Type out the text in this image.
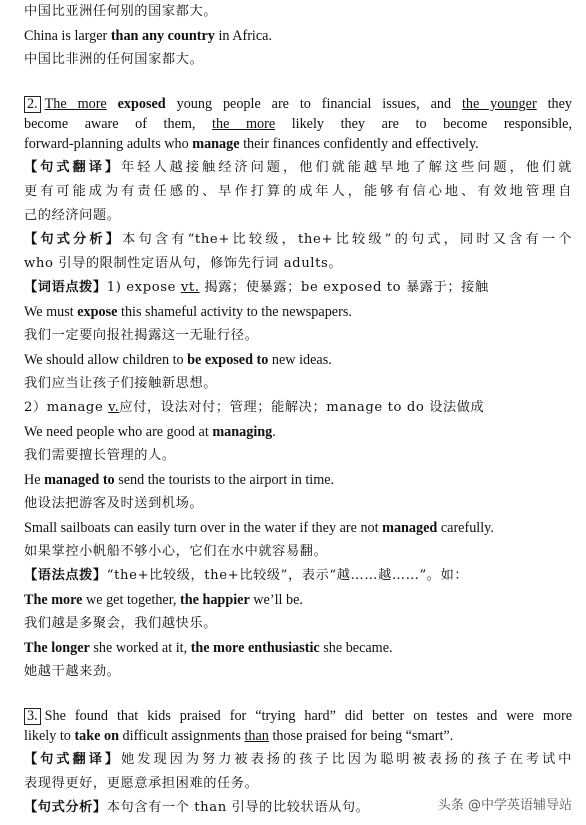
中国比亚洲任何别的国家都大。
China is larger than any country in Africa.
中国比非洲的任何国家都大。
2. The more exposed young people are to financial issues, and the younger they
become aware of them, the more likely they are to become responsible,
forward-planning adults who manage their finances confidently and effectively.
【句式翻译】年轻人越接触经济问题，他们就能越早地了解这些问题，他们就
更有可能成为有责任感的、早作打算的成年人，能够有信心地、有效地管理自
己的经济问题。
【句式分析】本句含有“the+比较级，the+比较级”的句式，同时又含有一个
who 引导的限制性定语从句，修饰先行词 adults。
【词语点拨】1) expose vt. 揭露；使暴露；be exposed to 暴露于；接触
We must expose this shameful activity to the newspapers.
我们一定要向报社揭露这一无耻行径。
We should allow children to be exposed to new ideas.
我们应当让孩子们接触新思想。
2）manage v.应付，设法对付；管理；能解决；manage to do 设法做成
We need people who are good at managing.
我们需要擅长管理的人。
He managed to send the tourists to the airport in time.
他设法把游客及时送到机场。
Small sailboats can easily turn over in the water if they are not managed carefully.
如果掌控小帆船不够小心，它们在水中就容易翻。
【语法点拨】“the+比较级，the+比较级”，表示“越……越……”。如：
The more we get together, the happier we’ll be.
我们越是多聚会，我们越快乐。
The longer she worked at it, the more enthusiastic she became.
她越干越来劲。
3. She found that kids praised for “trying hard” did better on testes and were more
likely to take on difficult assignments than those praised for being “smart”.
【句式翻译】她发现因为努力被表扬的孩子比因为聪明被表扬的孩子在考试中
表现得更好，更愿意承担困难的任务。
【句式分析】本句含有一个 than 引导的比较状语从句。	头条 @中学英语辅导站
